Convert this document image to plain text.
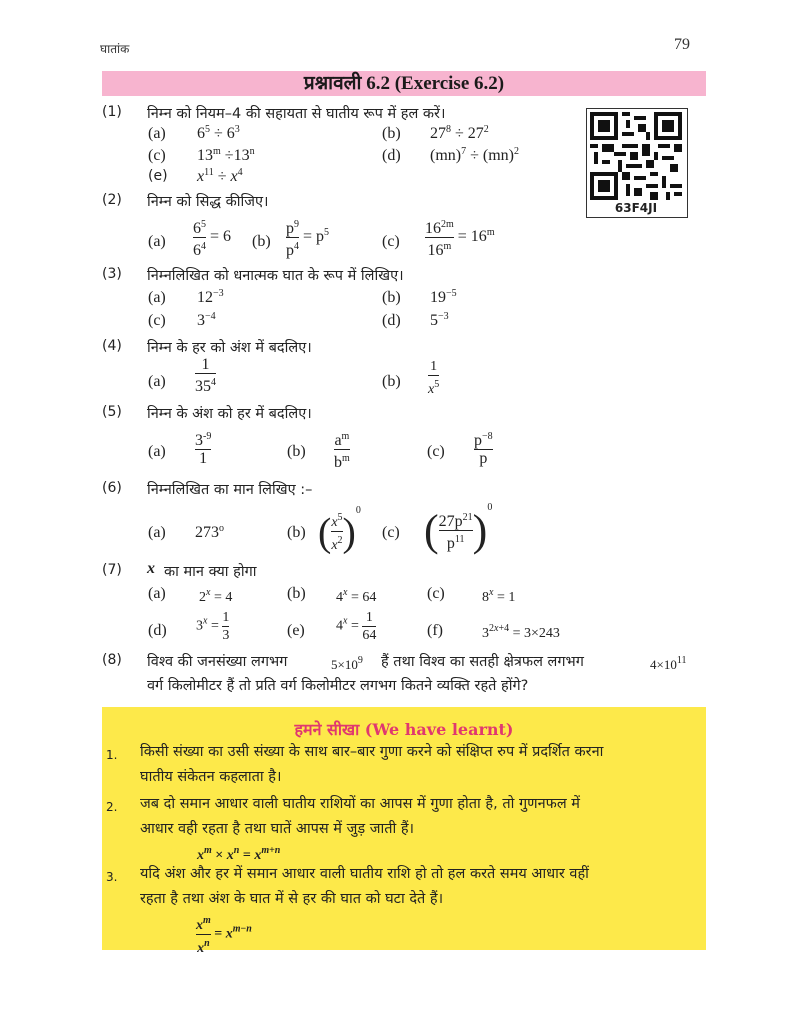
घातांक	79
प्रश्नावली 6.2 (Exercise 6.2)
63F4JI
(1) निम्न को नियम–4 की सहायता से घातीय रूप में हल करें।
(a) $6^5 \div 6^3$	(b) $27^8 \div 27^2$
(c) $13^m \div 13^n$	(d) (mn)$^7$ ÷ (mn)$^2$
(e) $x^{11} \div x^4$
(2) निम्न को सिद्ध कीजिए।
$(a) \frac{6^5}{6^4} = 6$ $(b) \frac{p^9}{p^4} = p^5$
$(c) \frac{16^{2m}}{16^m} = 16^m$
(3) निम्नलिखित को धनात्मक घात के रूप में लिखिए।
(a) $12^{-3}$	(b) $19^{-5}$
(c) $3^{-4}$	(d) $5^{-3}$
(4) निम्न के हर को अंश में बदलिए।
$(a) \frac{1}{35^4}$	$(b) \frac{1}{x^5}$
(5) निम्न के अंश को हर में बदलिए।
$(a) \frac{3^{-9}}{1}$	$(b) \frac{a^m}{b^m}$	$(c) \frac{p^{-8}}{p}$
(6) निम्नलिखित का मान लिखिए :–
(a) 273$^o$	(b) ( $\frac{x^5}{x^2} )^0$
(c) ( $\frac{27p^{21}}{p^{11}} )^0$
(7) x का मान क्या होगा
(a) $2^x = 4$	(b) $4^x = 64$	(c)	$8^x = 1$
(d) $3^x = \frac{1}{3}$	(e) $4^x = \frac{1}{64}$	(f)	$3^{2x+4} = 3\times 243$
(8) विश्व की जनसंख्या लगभग	$5\times 10^9$ हैं तथा विश्व का सतही क्षेत्रफल लगभग	$4\times 10^{11}$
वर्ग किलोमीटर हैं तो प्रति वर्ग किलोमीटर लगभग कितने व्यक्ति रहते होंगे?
हमने सीखा (We have learnt)
1. किसी संख्या का उसी संख्या के साथ बार–बार गुणा करने को संक्षिप्त रुप में प्रदर्शित करना
घातीय संकेतन कहलाता है।
2. जब दो समान आधार वाली घातीय राशियों का आपस में गुणा होता है, तो गुणनफल में
आधार वही रहता है तथा घातें आपस में जुड़ जाती हैं।
$x^m \times x^n = x^{m+n}$
3. यदि अंश और हर में समान आधार वाली घातीय राशि हो तो हल करते समय आधार वहीं
रहता है तथा अंश के घात में से हर की घात को घटा देते हैं।
$\frac{x^m}{x^n} = x^{m-n}$
